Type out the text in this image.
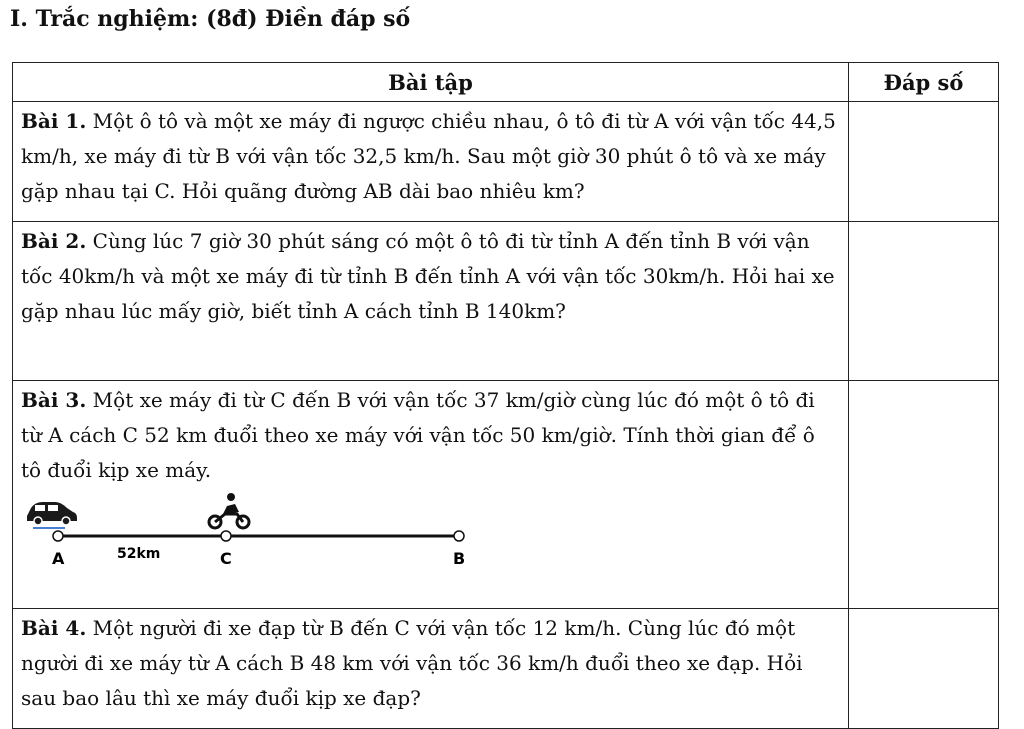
I. Trắc nghiệm: (8đ) Điền đáp số
Bài tập	Đáp số
Bài 1. Một ô tô và một xe máy đi ngược chiều nhau, ô tô đi từ A với vận tốc 44,5 km/h, xe máy đi từ B với vận tốc 32,5 km/h. Sau một giờ 30 phút ô tô và xe máy gặp nhau tại C. Hỏi quãng đường AB dài bao nhiêu km?	
Bài 2. Cùng lúc 7 giờ 30 phút sáng có một ô tô đi từ tỉnh A đến tỉnh B với vận tốc 40km/h và một xe máy đi từ tỉnh B đến tỉnh A với vận tốc 30km/h. Hỏi hai xe gặp nhau lúc mấy giờ, biết tỉnh A cách tỉnh B 140km?	
Bài 3. Một xe máy đi từ C đến B với vận tốc 37 km/giờ cùng lúc đó một ô tô đi từ A cách C 52 km đuổi theo xe máy với vận tốc 50 km/giờ. Tính thời gian để ô tô đuổi kịp xe máy.
A 52km C B	

Bài 4. Một người đi xe đạp từ B đến C với vận tốc 12 km/h. Cùng lúc đó một người đi xe máy từ A cách B 48 km với vận tốc 36 km/h đuổi theo xe đạp. Hỏi sau bao lâu thì xe máy đuổi kịp xe đạp?	
